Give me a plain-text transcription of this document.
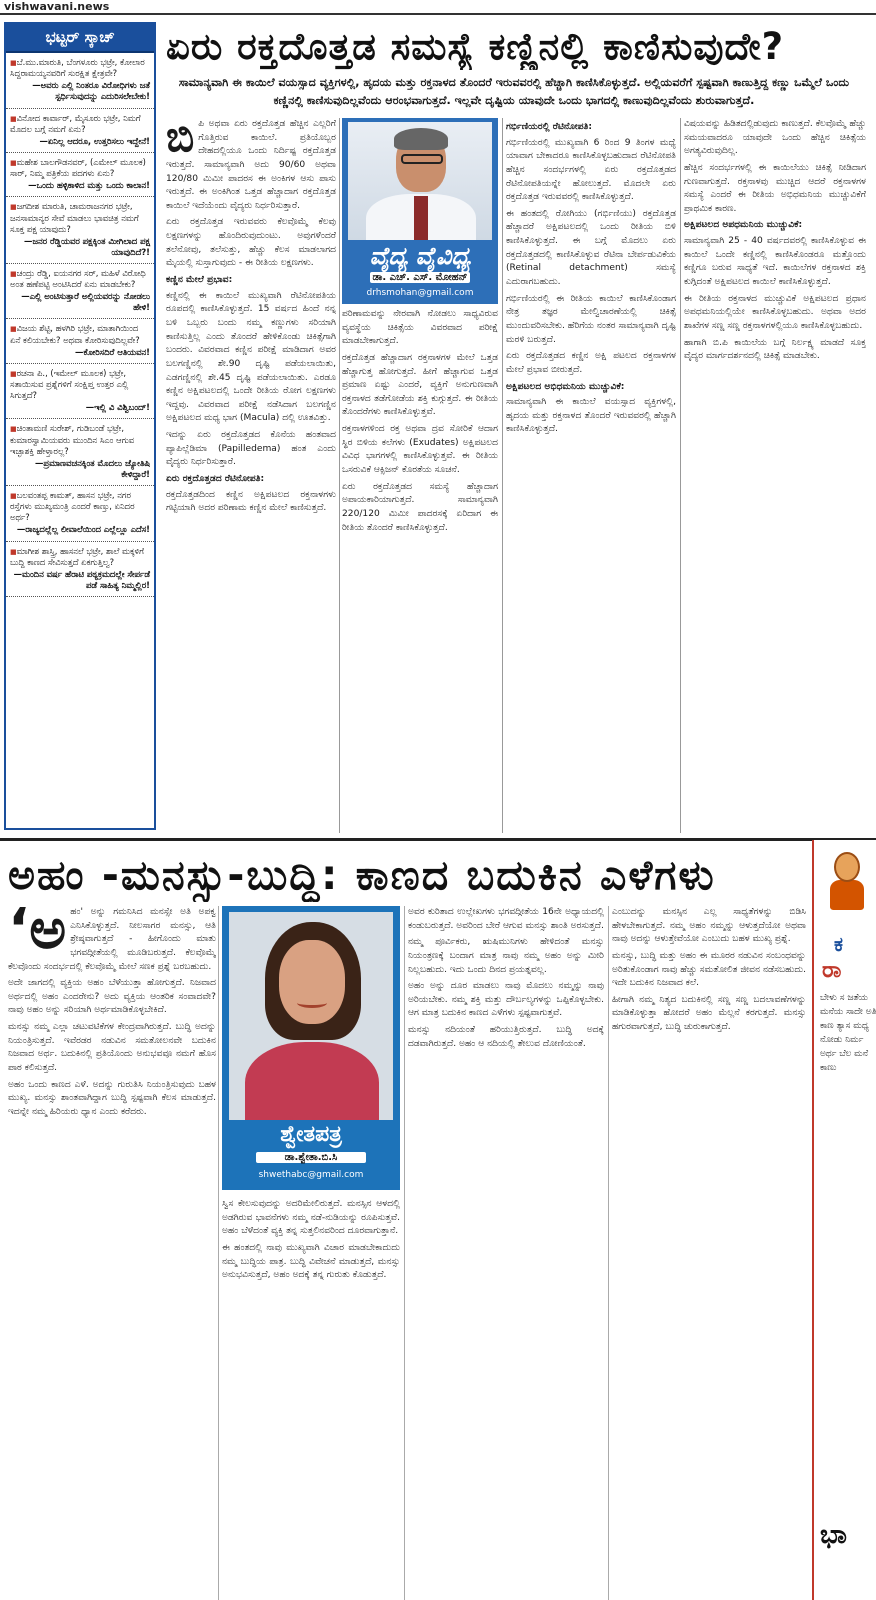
vishwavani.news
ಭಟ್ಟರ್ ಸ್ಕಾಚ್
■ ಬೆ.ಮು.ಮಾರುತಿ, ಬೆಂಗಳೂರು ಭಟ್ರೇ, ಕೋಲಾರ ಸಿದ್ದರಾಮಯ್ಯನವರಿಗೆ ಸುರಕ್ಷಿತ ಕ್ಷೇತ್ರವೇ?
— ಅವರು ಎಲ್ಲಿ ನಿಂತರೂ ವಿರೋಧಿಗಳು ಜತೆ ಸ್ಪರ್ಧಿಸುವುದನ್ನು ಎದುರಿಸಲೇಬೇಕು!
■ ವಿನೋದ ಕಾರ್ವಾರ್, ಮೈಸೂರು ಭಟ್ರೇ, ನಿಮಗೆ ಮೊದಲ ಬಗ್ಗೆ ನಮಗೆ ಏನು?
— ಏನಿಲ್ಲ ಆದರೂ, ಉತ್ತರಿಸಲು ಇದ್ದೇನೆ!
■ ಮಹೇಶ ಬಾಲಗೌಡನವರ್, (ಎಮೇಲ್ ಮೂಲಕ) ಸಾರ್, ನಿಮ್ಮ ಪತ್ರಿಕೆಯ ಪದಗಳು ಏನು?
— ಒಂದು ಹಳ್ಳಿಕಾಳಿದ ಮತ್ತು ಒಂದು ಕಾಲಾನ!
■ ಜಗದೀಶ ಮಾರುತಿ, ಚಾಮರಾಜನಗರ ಭಟ್ರೇ, ಜನಸಾಮಾನ್ಯರ ಸೇವೆ ಮಾಡಲು ಭಾವಚಿತ್ರ ನಮಗೆ ಸೂಕ್ತ ಪಕ್ಷ ಯಾವುದು?
— ಜನರ ರೆಡ್ಡಿಯವರ ಪಕ್ಷಕ್ಕಿಂತ ಮೀಗಿಲಾದ ಪಕ್ಷ ಯಾವುದಿದೆ?!
■ ಚಂದ್ರು ರೆಡ್ಡಿ, ಐಯನಗರ ಸರ್, ಮಹಿಳೆ ವಿರೋಧಿ ಅಂತ ಹಣೆಪಟ್ಟಿ ಅಂಟಿಸಿದರೆ ಏನು ಮಾಡಬೇಕು?
— ಎಲ್ಲಿ ಅಂಟಿಸುತ್ತಾರೆ ಅಲ್ಲಿಯವರನ್ನು ನೋಡಲು ಹೇಳಿ!
■ ವಿಜಯ ಶೆಟ್ಟಿ, ಹಳಗಿರಿ ಭಟ್ರೇ, ಮಾತಾಗಿಯಿಂದ ಏನೆ ಕಲಿಯಬೇಕು? ಅಥವಾ ಕೋರಿಸುವುದಿಲ್ಲವೇ?
— ಕೋರಿಸದಿರೆ ಆತಿಯವನ!
■ ರಚನಾ ಪಿ., (ಇಮೇಲ್ ಮೂಲಕ) ಭಟ್ರೇ, ಸತಾಯಿಸುವ ಪ್ರಶ್ನೆಗಳಿಗೆ ಸಂಕ್ಷಿಪ್ತ ಉತ್ತರ ಎಲ್ಲಿ ಸಿಗುತ್ತದೆ?
— ಇಲ್ಲಿ ವಿ ವಿಶ್ವಿಬಂದ್!
■ ಚಿಂತಾಮಣಿ ಸುರೇಶ್, ಗುಡಿಬಂಡೆ ಭಟ್ರೇ, ಕುಮಾರಸ್ವಾಮಿಯವರು ಮುಂದಿನ ಸಿಎಂ ಆಗುವ ಇಚ್ಛಾಶಕ್ತಿ ಹೇಳ್ತಾರಲ್ಲ?
— ಪ್ರಮಾಣವಚನಕ್ಕಿಂತ ಮೊದಲು ಜ್ಯೋತಿಷಿ ಕೇಳಿದ್ದಾರೆ!
■ ಬಲವಂತಪ್ಪ ಕಾಮತ್, ಹಾಸನ ಭಟ್ರೇ, ನಗರ ರಸ್ತೆಗಳು ಮುಖ್ಯಮಂತ್ರಿ ಎಂದರೆ ಕಾಣ್ತು, ಏನಿದರ ಅರ್ಥ?
— ರಾಜ್ಯದಲ್ಲೆಲ್ಲ ಲೀವಾಲೆಯಿಂದ ಎಲ್ಲೆಲ್ಲೂ ಎದೆಸ!
■ ಮಾಗೀಶ ಶಾಸ್ತ್ರಿ, ಹಾಸನಲೆ ಭಟ್ರೇ, ಶಾಲೆ ಮಕ್ಕಳಿಗೆ ಬುದ್ದಿ ಕಾಣದ ಸೇವಿಸುತ್ತದೆ ಏಕಗುತ್ತಿಲ್ವ?
— ಮಂದಿನ ವರ್ಷ ಹೆರಾಟಿ ಪಠ್ಯಕ್ರಮದಲ್ಲೇ ಸೇರ್ಪಡೆ ಪಡೆ ಸಾಹಿತ್ಯ ನಿಮ್ಮಲ್ಲಿರ!
ಏರು ರಕ್ತದೊತ್ತಡ ಸಮಸ್ಯೆ ಕಣ್ಣಿನಲ್ಲಿ ಕಾಣಿಸುವುದೇ?
ಸಾಮಾನ್ಯವಾಗಿ ಈ ಕಾಯಿಲೆ ವಯಸ್ಸಾದ ವ್ಯಕ್ತಿಗಳಲ್ಲಿ, ಹೃದಯ ಮತ್ತು ರಕ್ತನಾಳದ ತೊಂದರೆ ಇರುವವರಲ್ಲಿ ಹೆಚ್ಚಾಗಿ ಕಾಣಿಸಿಕೊಳ್ಳುತ್ತದೆ. ಅಲ್ಲಿಯವರೆಗೆ ಸ್ಪಷ್ಟವಾಗಿ ಕಾಣುತ್ತಿದ್ದ ಕಣ್ಣು ಒಮ್ಮೆಲೆ ಒಂದು ಕಣ್ಣಿನಲ್ಲಿ ಕಾಣಿಸುವುದಿಲ್ಲವೆಂದು ಆರಂಭವಾಗುತ್ತದೆ. ಇಲ್ಲವೇ ದೃಷ್ಟಿಯ ಯಾವುದೇ ಒಂದು ಭಾಗದಲ್ಲಿ ಕಾಣುವುದಿಲ್ಲವೆಂದು ಶುರುವಾಗುತ್ತದೆ.
ಬಿ ಪಿ ಅಥವಾ ಏರು ರಕ್ತದೊತ್ತಡ ಹೆಚ್ಚಿನ ಎಲ್ಲರಿಗೆ ಗೊತ್ತಿರುವ ಕಾಯಿಲೆ. ಪ್ರತಿಯೊಬ್ಬರ ದೇಹದಲ್ಲಿಯೂ ಒಂದು ನಿರ್ದಿಷ್ಟ ರಕ್ತದೊತ್ತಡ ಇರುತ್ತದೆ. ಸಾಮಾನ್ಯವಾಗಿ ಅದು 90/60 ಅಥವಾ 120/80 ಮಿಮೀ ಪಾದರಸ ಈ ಅಂಕಿಗಳ ಆಸು ಪಾಸು ಇರುತ್ತದೆ. ಈ ಅಂಕಿಗಿಂತ ಒತ್ತಡ ಹೆಚ್ಚಾದಾಗ ರಕ್ತದೊತ್ತಡ ಕಾಯಿಲೆ ಇದೆಯೆಂದು ವೈದ್ಯರು ನಿರ್ಧರಿಸುತ್ತಾರೆ.

ಏರು ರಕ್ತದೊತ್ತಡ ಇರುವವರು ಕೆಲವೊಮ್ಮೆ ಕೆಲವು ಲಕ್ಷಣಗಳನ್ನು ಹೊಂದಿರುವುದುಂಟು. ಅವುಗಳೆಂದರೆ ತಲೆನೋವು, ತಲೆಸುತ್ತು, ಹೆಚ್ಚು ಕೆಲಸ ಮಾಡಲಾಗದ ಮೈಯಲ್ಲಿ ಸುಸ್ತಾಗುವುದು - ಈ ರೀತಿಯ ಲಕ್ಷಣಗಳು.

ಕಣ್ಣಿನ ಮೇಲೆ ಪ್ರಭಾವ:

ಕಣ್ಣಿನಲ್ಲಿ ಈ ಕಾಯಿಲೆ ಮುಖ್ಯವಾಗಿ ರೆಟಿನೋಪತಿಯ ರೂಪದಲ್ಲಿ ಕಾಣಿಸಿಕೊಳ್ಳುತ್ತದೆ. 15 ವರ್ಷದ ಹಿಂದೆ ನನ್ನ ಬಳಿ ಒಬ್ಬರು ಬಂದು ನಮ್ಮ ಕಣ್ಣುಗಳು ಸರಿಯಾಗಿ ಕಾಣಿಸುತ್ತಿಲ್ಲ ಎಂದು ತೊಂದರೆ ಹೇಳಿಕೊಂಡು ಚಿಕಿತ್ಸೆಗಾಗಿ ಬಂದರು. ವಿವರವಾದ ಕಣ್ಣಿನ ಪರೀಕ್ಷೆ ಮಾಡಿದಾಗ ಅವರ ಬಲಗಣ್ಣಿನಲ್ಲಿ ಶೇ.90 ದೃಷ್ಟಿ ಪಡೆಯಲಾಯಿತು, ಎಡಗಣ್ಣಿನಲ್ಲಿ ಶೇ.45 ದೃಷ್ಟಿ ಪಡೆಯಲಾಯಿತು. ಎರಡೂ ಕಣ್ಣಿನ ಅಕ್ಷಿಪಟಲದಲ್ಲಿ ಒಂದೇ ರೀತಿಯ ರೋಗ ಲಕ್ಷಣಗಳು ಇದ್ದವು. ವಿವರವಾದ ಪರೀಕ್ಷೆ ನಡೆಸಿದಾಗ ಬಲಗಣ್ಣಿನ ಅಕ್ಷಿಪಟಲದ ಮಧ್ಯ ಭಾಗ (Macula) ದಲ್ಲಿ ಊತವಿತ್ತು.

ಇದನ್ನು ಏರು ರಕ್ತದೊತ್ತಡದ ಕೊನೆಯ ಹಂತವಾದ ಪ್ಯಾಪಿಲ್ಲೆಡಿಮಾ (Papilledema) ಹಂತ ಎಂದು ವೈದ್ಯರು ನಿರ್ಧರಿಸುತ್ತಾರೆ.

ಏರು ರಕ್ತದೊತ್ತಡದ ರೆಟಿನೋಪತಿ:

ರಕ್ತದೊತ್ತಡದಿಂದ ಕಣ್ಣಿನ ಅಕ್ಷಿಪಟಲದ ರಕ್ತನಾಳಗಳು ಗಟ್ಟಿಯಾಗಿ ಅದರ ಪರಿಣಾಮ ಕಣ್ಣಿನ ಮೇಲೆ ಕಾಣಿಸುತ್ತದೆ.

ವೈದ್ಯ ವೈವಿಧ್ಯ
ಡಾ. ಎಚ್. ಎಸ್. ಮೋಹನ್
drhsmohan@gmail.com

ಪರಿಣಾಮವನ್ನು ನೇರವಾಗಿ ನೋಡಲು ಸಾಧ್ಯವಿರುವ ವ್ಯವಸ್ಥೆಯ ಚಿಕಿತ್ಸೆಯ ವಿವರವಾದ ಪರೀಕ್ಷೆ ಮಾಡಬೇಕಾಗುತ್ತದೆ.

ರಕ್ತದೊತ್ತಡ ಹೆಚ್ಚಾದಾಗ ರಕ್ತನಾಳಗಳ ಮೇಲೆ ಒತ್ತಡ ಹೆಚ್ಚಾಗುತ್ತ ಹೋಗುತ್ತದೆ. ಹೀಗೆ ಹೆಚ್ಚಾಗುವ ಒತ್ತಡ ಪ್ರಮಾಣ ಏಷ್ಟು ಎಂದರೆ, ವ್ಯಕ್ತಿಗೆ ಅನುಗುಣವಾಗಿ ರಕ್ತನಾಳದ ತಡೆಗೋಡೆಯ ಶಕ್ತಿ ಕುಗ್ಗುತ್ತದೆ. ಈ ರೀತಿಯ ತೊಂದರೆಗಳು ಕಾಣಿಸಿಕೊಳ್ಳುತ್ತವೆ.

ರಕ್ತನಾಳಗಳಿಂದ ರಕ್ತ ಅಥವಾ ದ್ರವ ಸೋರಿಕೆ ಆದಾಗ ಸ್ಥಿರ ಬಿಳಿಯ ಕಲೆಗಳು (Exudates) ಅಕ್ಷಿಪಟಲದ ವಿವಿಧ ಭಾಗಗಳಲ್ಲಿ ಕಾಣಿಸಿಕೊಳ್ಳುತ್ತವೆ. ಈ ರೀತಿಯ ಒಸರುವಿಕೆ ಆಕ್ಸಿಜನ್ ಕೊರತೆಯ ಸೂಚನೆ.

ಏರು ರಕ್ತದೊತ್ತಡದ ಸಮಸ್ಯೆ ಹೆಚ್ಚಾದಾಗ ಅಪಾಯಕಾರಿಯಾಗುತ್ತದೆ. ಸಾಮಾನ್ಯವಾಗಿ 220/120 ಮಿಮೀ ಪಾದರಸಕ್ಕೆ ಏರಿದಾಗ ಈ ರೀತಿಯ ತೊಂದರೆ ಕಾಣಿಸಿಕೊಳ್ಳುತ್ತದೆ.

ಗರ್ಭಿಣಿಯರಲ್ಲಿ ರೆಟಿನೋಪತಿ:

ಗರ್ಭಿಣಿಯರಲ್ಲಿ ಮುಖ್ಯವಾಗಿ 6 ರಿಂದ 9 ತಿಂಗಳ ಮಧ್ಯೆ ಯಾವಾಗ ಬೇಕಾದರೂ ಕಾಣಿಸಿಕೊಳ್ಳಬಹುದಾದ ರೆಟಿನೋಪತಿ ಹೆಚ್ಚಿನ ಸಂದರ್ಭಗಳಲ್ಲಿ ಏರು ರಕ್ತದೊತ್ತಡದ ರೆಟಿನೋಪತಿಯನ್ನೇ ಹೋಲುತ್ತದೆ. ಮೊದಲೇ ಏರು ರಕ್ತದೊತ್ತಡ ಇರುವವರಲ್ಲಿ ಕಾಣಿಸಿಕೊಳ್ಳುತ್ತದೆ.

ಈ ಹಂತದಲ್ಲಿ ರೋಗಿಯು (ಗರ್ಭಿಣಿಯು) ರಕ್ತದೊತ್ತಡ ಹೆಚ್ಚಾದರೆ ಅಕ್ಷಿಪಟಲದಲ್ಲಿ ಒಂದು ರೀತಿಯ ಬಿಳಿ ಕಾಣಿಸಿಕೊಳ್ಳುತ್ತದೆ. ಈ ಬಗ್ಗೆ ಮೊದಲು ಏರು ರಕ್ತದೊತ್ತಡದಲ್ಲಿ ಕಾಣಿಸಿಕೊಳ್ಳುವ ರೆಟಿನಾ ಬೇರ್ಪಡುವಿಕೆಯ (Retinal detachment) ಸಮಸ್ಯೆ ಎದುರಾಗಬಹುದು.

ಗರ್ಭಿಣಿಯರಲ್ಲಿ ಈ ರೀತಿಯ ಕಾಯಿಲೆ ಕಾಣಿಸಿಕೊಂಡಾಗ ನೇತ್ರ ತಜ್ಞರ ಮೇಲ್ವಿಚಾರಣೆಯಲ್ಲಿ ಚಿಕಿತ್ಸೆ ಮುಂದುವರಿಸಬೇಕು. ಹೆರಿಗೆಯ ನಂತರ ಸಾಮಾನ್ಯವಾಗಿ ದೃಷ್ಟಿ ಮರಳಿ ಬರುತ್ತದೆ.

ಏರು ರಕ್ತದೊತ್ತಡದ ಕಣ್ಣಿನ ಅಕ್ಷಿ ಪಟಲದ ರಕ್ತನಾಳಗಳ ಮೇಲೆ ಪ್ರಭಾವ ಬೀರುತ್ತದೆ.

ಅಕ್ಷಿಪಟಲದ ಅಭಿಧಮನಿಯ ಮುಚ್ಚುವಿಕೆ:

ಸಾಮಾನ್ಯವಾಗಿ ಈ ಕಾಯಿಲೆ ವಯಸ್ಸಾದ ವ್ಯಕ್ತಿಗಳಲ್ಲಿ, ಹೃದಯ ಮತ್ತು ರಕ್ತನಾಳದ ತೊಂದರೆ ಇರುವವರಲ್ಲಿ ಹೆಚ್ಚಾಗಿ ಕಾಣಿಸಿಕೊಳ್ಳುತ್ತದೆ.

ವಿಷಯವನ್ನು ಹಿಡಿತದಲ್ಲಿಡುವುದು ಕಾಣುತ್ತದೆ. ಕೆಲವೊಮ್ಮೆ ಹೆಚ್ಚು ಸಮಯವಾದರೂ ಯಾವುದೇ ಒಂದು ಹೆಚ್ಚಿನ ಚಿಕಿತ್ಸೆಯ ಅಗತ್ಯವಿರುವುದಿಲ್ಲ.

ಹೆಚ್ಚಿನ ಸಂದರ್ಭಗಳಲ್ಲಿ ಈ ಕಾಯಿಲೆಯು ಚಿಕಿತ್ಸೆ ನೀಡಿದಾಗ ಗುಣವಾಗುತ್ತದೆ. ರಕ್ತನಾಳವು ಮುಚ್ಚಿದ ಆದರೆ ರಕ್ತನಾಳಗಳ ಸಮಸ್ಯೆ ಎಂದರೆ ಈ ರೀತಿಯ ಅಭಿಧಮನಿಯ ಮುಚ್ಚುವಿಕೆಗೆ ಪ್ರಾಥಮಿಕ ಕಾರಣ.

ಅಕ್ಷಿಪಟಲದ ಅಪಧಮನಿಯ ಮುಚ್ಚುವಿಕೆ:

ಸಾಮಾನ್ಯವಾಗಿ 25 - 40 ವರ್ಷದವರಲ್ಲಿ ಕಾಣಿಸಿಕೊಳ್ಳುವ ಈ ಕಾಯಿಲೆ ಒಂದೇ ಕಣ್ಣಿನಲ್ಲಿ ಕಾಣಿಸಿಕೊಂಡರೂ ಮತ್ತೊಂದು ಕಣ್ಣಿಗೂ ಬರುವ ಸಾಧ್ಯತೆ ಇದೆ. ಕಾಯಿಲೆಗಳ ರಕ್ತನಾಳದ ಶಕ್ತಿ ಕುಗ್ಗಿದಂತೆ ಅಕ್ಷಿಪಟಲದ ಕಾಯಿಲೆ ಕಾಣಿಸಿಕೊಳ್ಳುತ್ತದೆ.

ಈ ರೀತಿಯ ರಕ್ತನಾಳದ ಮುಚ್ಚುವಿಕೆ ಅಕ್ಷಿಪಟಲದ ಪ್ರಧಾನ ಅಪಧಮನಿಯಲ್ಲಿಯೇ ಕಾಣಿಸಿಕೊಳ್ಳಬಹುದು. ಅಥವಾ ಅದರ ಶಾಖೆಗಳ ಸಣ್ಣ ಸಣ್ಣ ರಕ್ತನಾಳಗಳಲ್ಲಿಯೂ ಕಾಣಿಸಿಕೊಳ್ಳಬಹುದು.

ಹಾಗಾಗಿ ಬಿ.ಪಿ ಕಾಯಿಲೆಯ ಬಗ್ಗೆ ನಿರ್ಲಕ್ಷ್ಯ ಮಾಡದೆ ಸೂಕ್ತ ವೈದ್ಯರ ಮಾರ್ಗದರ್ಶನದಲ್ಲಿ ಚಿಕಿತ್ಸೆ ಮಾಡಬೇಕು.

ಅಹಂ -ಮನಸ್ಸು-ಬುದ್ಧಿ: ಕಾಣದ ಬದುಕಿನ ಎಳೆಗಳು
‘ಅ ಹಂ' ಅನ್ನು ಗಮನಿಸಿದ ಮನಸ್ಸೇ ಅತಿ ಅಪಕ್ವ ಎನಿಸಿಕೊಳ್ಳುತ್ತದೆ. ನೀಲಸಾಗರ ಮನಸ್ಸು, ಆತಿ ಶ್ರೇಷ್ಠವಾಗುತ್ತದೆ - ಹೀಗೊಂದು ಮಾತು ಭಗವದ್ಗೀತೆಯಲ್ಲಿ ಮೂಡಿಬರುತ್ತದೆ. ಕೆಲವೊಮ್ಮೆ ಕೆಲವೊಂದು ಸಂದರ್ಭದಲ್ಲಿ ಕೆಲವೊಮ್ಮೆ ಮೇಲೆ ಸಣಕ ಪ್ರಶ್ನೆ ಬರಬಹುದು.

ಅದೇ ಜಾಗದಲ್ಲಿ ವ್ಯಕ್ತಿಯ ಅಹಂ ಬೆಳೆಯುತ್ತಾ ಹೋಗುತ್ತದೆ. ನಿಜವಾದ ಅರ್ಥದಲ್ಲಿ ಅಹಂ ಎಂದರೇನು? ಅದು ವ್ಯಕ್ತಿಯ ಆಂತರಿಕ ಸಂವಾದವೇ? ನಾವು ಅಹಂ ಅನ್ನು ಸರಿಯಾಗಿ ಅರ್ಥಮಾಡಿಕೊಳ್ಳಬೇಕಿದೆ.

ಮನಸ್ಸು ನಮ್ಮ ಎಲ್ಲಾ ಚಟುವಟಿಕೆಗಳ ಕೇಂದ್ರವಾಗಿರುತ್ತದೆ. ಬುದ್ಧಿ ಅದನ್ನು ನಿಯಂತ್ರಿಸುತ್ತದೆ. ಇವೆರಡರ ನಡುವಿನ ಸಮತೋಲನವೇ ಬದುಕಿನ ನಿಜವಾದ ಅರ್ಥ. ಬದುಕಿನಲ್ಲಿ ಪ್ರತಿಯೊಂದು ಅನುಭವವೂ ನಮಗೆ ಹೊಸ ಪಾಠ ಕಲಿಸುತ್ತದೆ.

ಅಹಂ ಒಂದು ಕಾಣದ ಎಳೆ. ಅದನ್ನು ಗುರುತಿಸಿ ನಿಯಂತ್ರಿಸುವುದು ಬಹಳ ಮುಖ್ಯ. ಮನಸ್ಸು ಶಾಂತವಾಗಿದ್ದಾಗ ಬುದ್ಧಿ ಸ್ಪಷ್ಟವಾಗಿ ಕೆಲಸ ಮಾಡುತ್ತದೆ. ಇದನ್ನೇ ನಮ್ಮ ಹಿರಿಯರು ಧ್ಯಾನ ಎಂದು ಕರೆದರು.

ಶ್ವೇತಪತ್ರ
ಡಾ.ಶ್ವೇತಾ.ಬಿ.ಸಿ
shwethabc@gmail.com

ಸ್ವಿಸ ಕೇಲಸುವುದನ್ನು ಅದರಿಮೇಲಿರುತ್ತದೆ. ಮನಸ್ಸಿನ ಆಳದಲ್ಲಿ ಅಡಗಿರುವ ಭಾವನೆಗಳು ನಮ್ಮ ನಡೆ-ನುಡಿಯನ್ನು ರೂಪಿಸುತ್ತವೆ. ಅಹಂ ಬೆಳೆದಂತೆ ವ್ಯಕ್ತಿ ತನ್ನ ಸುತ್ತಲಿನವರಿಂದ ದೂರವಾಗುತ್ತಾನೆ.

ಈ ಹಂತದಲ್ಲಿ ನಾವು ಮುಖ್ಯವಾಗಿ ವಿಚಾರ ಮಾಡಬೇಕಾದುದು ನಮ್ಮ ಬುದ್ಧಿಯ ಪಾತ್ರ. ಬುದ್ಧಿ ವಿವೇಚನೆ ಮಾಡುತ್ತದೆ, ಮನಸ್ಸು ಅನುಭವಿಸುತ್ತದೆ, ಅಹಂ ಅದಕ್ಕೆ ತನ್ನ ಗುರುತು ಕೊಡುತ್ತದೆ.

ಅವರ ಕುರಿತಾದ ಉಲ್ಲೇಖಗಳು ಭಗವದ್ಗೀತೆಯ 16ನೇ ಅಧ್ಯಾಯದಲ್ಲಿ ಕಂಡುಬರುತ್ತದೆ. ಅವರಿಂದ ಬೇರೆ ಆಗುವ ಮನಸ್ಸು ಶಾಂತಿ ಅರಸುತ್ತದೆ.

ನಮ್ಮ ಪೂರ್ವಿಕರು, ಋಷಿಮುನಿಗಳು ಹೇಳಿದಂತೆ ಮನಸ್ಸು ನಿಯಂತ್ರಣಕ್ಕೆ ಬಂದಾಗ ಮಾತ್ರ ನಾವು ನಮ್ಮ ಅಹಂ ಅನ್ನು ಮೀರಿ ನಿಲ್ಲಬಹುದು. ಇದು ಒಂದು ದಿನದ ಪ್ರಯತ್ನವಲ್ಲ.

ಅಹಂ ಅನ್ನು ದೂರ ಮಾಡಲು ನಾವು ಮೊದಲು ನಮ್ಮನ್ನು ನಾವು ಅರಿಯಬೇಕು. ನಮ್ಮ ಶಕ್ತಿ ಮತ್ತು ದೌರ್ಬಲ್ಯಗಳನ್ನು ಒಪ್ಪಿಕೊಳ್ಳಬೇಕು. ಆಗ ಮಾತ್ರ ಬದುಕಿನ ಕಾಣದ ಎಳೆಗಳು ಸ್ಪಷ್ಟವಾಗುತ್ತವೆ.

ಮನಸ್ಸು ನದಿಯಂತೆ ಹರಿಯುತ್ತಿರುತ್ತದೆ. ಬುದ್ಧಿ ಅದಕ್ಕೆ ದಡವಾಗಿರುತ್ತದೆ. ಅಹಂ ಆ ನದಿಯಲ್ಲಿ ತೇಲುವ ದೋಣಿಯಂತೆ.

ಎಂಬುದನ್ನು ಮನಸ್ಸಿನ ಎಲ್ಲ ಸಾಧ್ಯತೆಗಳನ್ನು ಬಿಡಿಸಿ ಹೇಳಬೇಕಾಗುತ್ತದೆ. ನಮ್ಮ ಅಹಂ ನಮ್ಮನ್ನು ಆಳುತ್ತದೆಯೋ ಅಥವಾ ನಾವು ಅದನ್ನು ಆಳುತ್ತೇವೆಯೋ ಎಂಬುದು ಬಹಳ ಮುಖ್ಯ ಪ್ರಶ್ನೆ.

ಮನಸ್ಸು, ಬುದ್ಧಿ ಮತ್ತು ಅಹಂ ಈ ಮೂರರ ನಡುವಿನ ಸಂಬಂಧವನ್ನು ಅರಿತುಕೊಂಡಾಗ ನಾವು ಹೆಚ್ಚು ಸಮತೋಲಿತ ಜೀವನ ನಡೆಸಬಹುದು. ಇದೇ ಬದುಕಿನ ನಿಜವಾದ ಕಲೆ.

ಹೀಗಾಗಿ ನಮ್ಮ ನಿತ್ಯದ ಬದುಕಿನಲ್ಲಿ ಸಣ್ಣ ಸಣ್ಣ ಬದಲಾವಣೆಗಳನ್ನು ಮಾಡಿಕೊಳ್ಳುತ್ತಾ ಹೋದರೆ ಅಹಂ ಮೆಲ್ಲನೆ ಕರಗುತ್ತದೆ. ಮನಸ್ಸು ಹಗುರವಾಗುತ್ತದೆ, ಬುದ್ಧಿ ಚುರುಕಾಗುತ್ತದೆ.

ಕ
ರಾ
ಬೇಳು ಸ ಜತೆಯ ಮನೆಯ ಸಾದೇ ಅತಿ ಕಾಣ ತ್ಯಾಸ ಮಧ್ಯ ನೋಡು ನಿರ್ಮ ಅರ್ಥ ಬೆಲ ಮನೆ ಕಾಣು
ಭಾ
